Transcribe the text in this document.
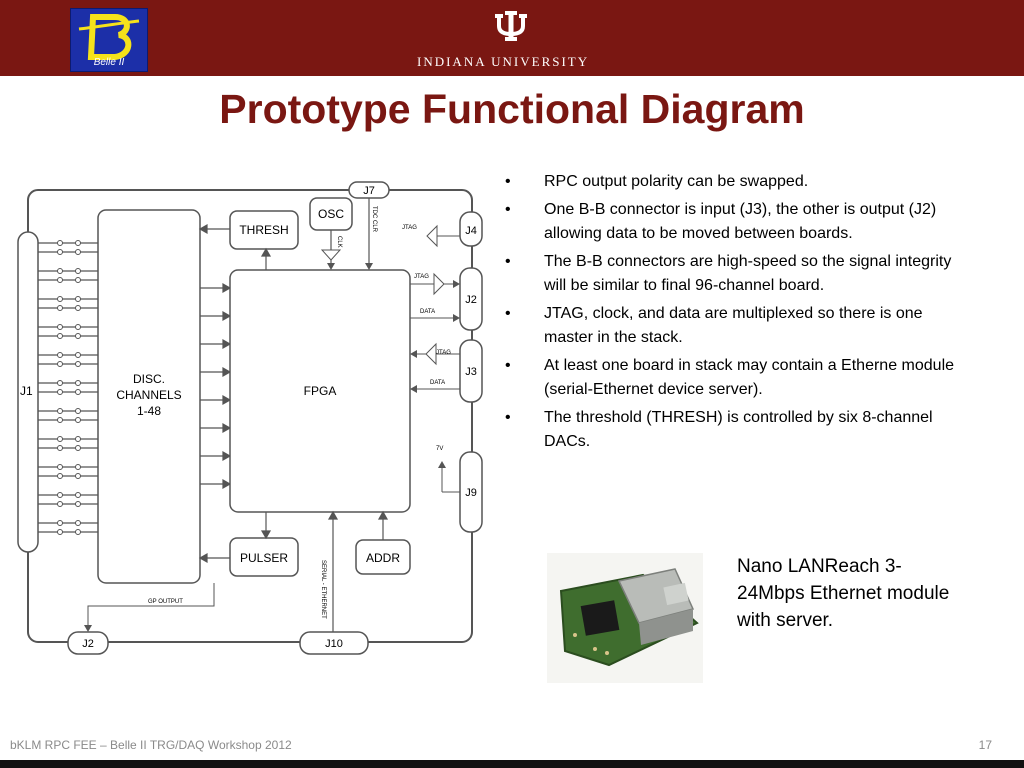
Belle II	INDIANA UNIVERSITY
Prototype Functional Diagram
J1
DISC.
CHANNELS
1-48
THRESH
OSC
CLK
J7
TDC CLR
FPGA
J4
JTAG
J2
JTAG
DATA
J3
JTAG
DATA
J9
7V
PULSER
SERIAL - ETHERNET
ADDR
GP OUTPUT
J2	J10
• RPC output polarity can be swapped.
• One B-B connector is input (J3), the other is output (J2) allowing data to be moved between boards.
• The B-B connectors are high-speed so the signal integrity will be similar to final 96-channel board.
• JTAG, clock, and data are multiplexed so there is one master in the stack.
• At least one board in stack may contain a Etherne module (serial-Ethernet device server).
• The threshold (THRESH) is controlled by six 8-channel DACs.
Nano LANReach 3-24Mbps Ethernet module with server.
bKLM RPC FEE – Belle II TRG/DAQ Workshop 2012	17
